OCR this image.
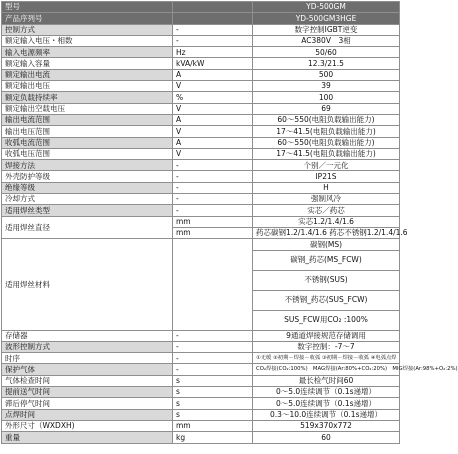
型号		YD-500GM
产品序列号		YD-500GM3HGE
控制方式	-	数字控制IGBT逆变
额定输入电压・相数	-	AC380V　3相
输入电源频率	Hz	50/60
额定输入容量	kVA/kW	12.3/21.5
额定输出电流	A	500
额定输出电压	V	39
额定负载持续率	%	100
额定输出空载电压	V	69
输出电流范围	A	60～550(电阻负载输出能力)
输出电压范围	V	17～41.5(电阻负载输出能力)
收弧电流范围	A	60～550(电阻负载输出能力)
收弧电压范围	V	17～41.5(电阻负载输出能力)
焊接方法	-	个别／一元化
外壳防护等级	-	IP21S
绝缘等级	-	H
冷却方式	-	强制风冷
适用焊丝类型	-	实芯／药芯
适用焊丝直径	mm	实芯1.2/1.4/1.6
	mm	药芯碳钢1.2/1.4/1.6 药芯不锈钢1.2/1.4/1.6
适用焊丝材料		碳钢(MS)
		碳钢_药芯(MS_FCW)
		不锈钢(SUS)
		不锈钢_药芯(SUS_FCW)
		SUS_FCW用CO₂ :100%
存储器	-	9通道焊接规范存储调用
波形控制方式	-	数字控制：-7～7
时序	-	①无缓 ②初期－焊接－收弧 ③初期－焊接－收弧 ④电弧点焊
保护气体	-	CO₂焊接(CO₂:100%)　MAG焊接(Ar:80%+CO₂:20%)　MIG焊接(Ar:98%+O₂:2%)
气体检查时间	s	最长检气时间60
提前送气时间	s	0～5.0连续调节（0.1s递增）
滞后停气时间	s	0～5.0连续调节（0.1s递增）
点焊时间	s	0.3～10.0连续调节（0.1s递增）
外形尺寸（WXDXH)	mm	519x370x772
重量	kg	60
